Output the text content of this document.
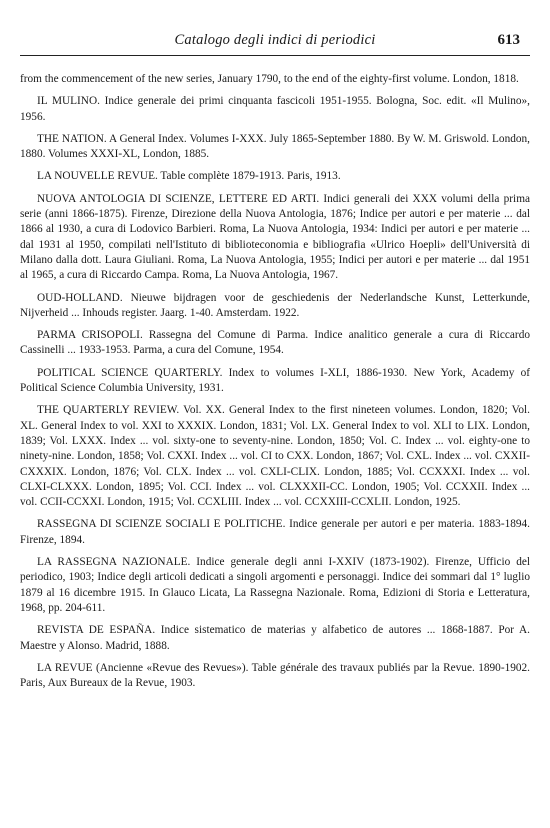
Catalogo degli indici di periodici	613

from the commencement of the new series, January 1790, to the end of the eighty-first volume. London, 1818.

IL MULINO. Indice generale dei primi cinquanta fascicoli 1951-1955. Bologna, Soc. edit. «Il Mulino», 1956.

THE NATION. A General Index. Volumes I-XXX. July 1865-September 1880. By W. M. Griswold. London, 1880. Volumes XXXI-XL, London, 1885.

LA NOUVELLE REVUE. Table complète 1879-1913. Paris, 1913.

NUOVA ANTOLOGIA DI SCIENZE, LETTERE ED ARTI. Indici generali dei XXX volumi della prima serie (anni 1866-1875). Firenze, Direzione della Nuova Antologia, 1876; Indice per autori e per materie ... dal 1866 al 1930, a cura di Lodovico Barbieri. Roma, La Nuova Antologia, 1934: Indici per autori e per materie ... dal 1931 al 1950, compilati nell'Istituto di biblioteconomia e bibliografia «Ulrico Hoepli» dell'Università di Milano dalla dott. Laura Giuliani. Roma, La Nuova Antologia, 1955; Indici per autori e per materie ... dal 1951 al 1965, a cura di Riccardo Campa. Roma, La Nuova Antologia, 1967.

OUD-HOLLAND. Nieuwe bijdragen voor de geschiedenis der Nederlandsche Kunst, Letterkunde, Nijverheid ... Inhouds register. Jaarg. 1-40. Amsterdam. 1922.

PARMA CRISOPOLI. Rassegna del Comune di Parma. Indice analitico generale a cura di Riccardo Cassinelli ... 1933-1953. Parma, a cura del Comune, 1954.

POLITICAL SCIENCE QUARTERLY. Index to volumes I-XLI, 1886-1930. New York, Academy of Political Science Columbia University, 1931.

THE QUARTERLY REVIEW. Vol. XX. General Index to the first nineteen volumes. London, 1820; Vol. XL. General Index to vol. XXI to XXXIX. London, 1831; Vol. LX. General Index to vol. XLI to LIX. London, 1839; Vol. LXXX. Index ... vol. sixty-one to seventy-nine. London, 1850; Vol. C. Index ... vol. eighty-one to ninety-nine. London, 1858; Vol. CXXI. Index ... vol. CI to CXX. London, 1867; Vol. CXL. Index ... vol. CXXII-CXXXIX. London, 1876; Vol. CLX. Index ... vol. CXLI-CLIX. London, 1885; Vol. CCXXXI. Index ... vol. CLXI-CLXXX. London, 1895; Vol. CCI. Index ... vol. CLXXXII-CC. London, 1905; Vol. CCXXII. Index ... vol. CCII-CCXXI. London, 1915; Vol. CCXLIII. Index ... vol. CCXXIII-CCXLII. London, 1925.

RASSEGNA DI SCIENZE SOCIALI E POLITICHE. Indice generale per autori e per materia. 1883-1894. Firenze, 1894.

LA RASSEGNA NAZIONALE. Indice generale degli anni I-XXIV (1873-1902). Firenze, Ufficio del periodico, 1903; Indice degli articoli dedicati a singoli argomenti e personaggi. Indice dei sommari dal 1° luglio 1879 al 16 dicembre 1915. In Glauco Licata, La Rassegna Nazionale. Roma, Edizioni di Storia e Letteratura, 1968, pp. 204-611.

REVISTA DE ESPAÑA. Indice sistematico de materias y alfabetico de autores ... 1868-1887. Por A. Maestre y Alonso. Madrid, 1888.

LA REVUE (Ancienne «Revue des Revues»). Table générale des travaux publiés par la Revue. 1890-1902. Paris, Aux Bureaux de la Revue, 1903.
